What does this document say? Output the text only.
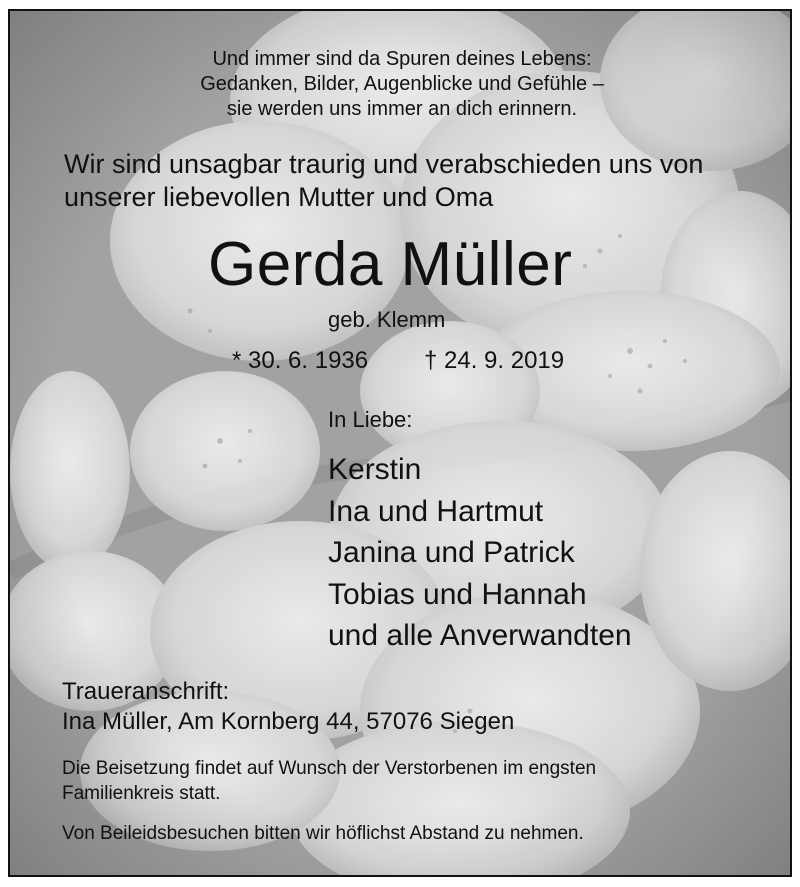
Und immer sind da Spuren deines Lebens:
Gedanken, Bilder, Augenblicke und Gefühle –
sie werden uns immer an dich erinnern.
Wir sind unsagbar traurig und verabschieden uns von
unserer liebevollen Mutter und Oma
Gerda Müller
geb. Klemm
* 30. 6. 1936 † 24. 9. 2019
In Liebe:
Kerstin
Ina und Hartmut
Janina und Patrick
Tobias und Hannah
und alle Anverwandten
Traueranschrift:
Ina Müller, Am Kornberg 44, 57076 Siegen
Die Beisetzung findet auf Wunsch der Verstorbenen im engsten
Familienkreis statt.
Von Beileidsbesuchen bitten wir höflichst Abstand zu nehmen.
